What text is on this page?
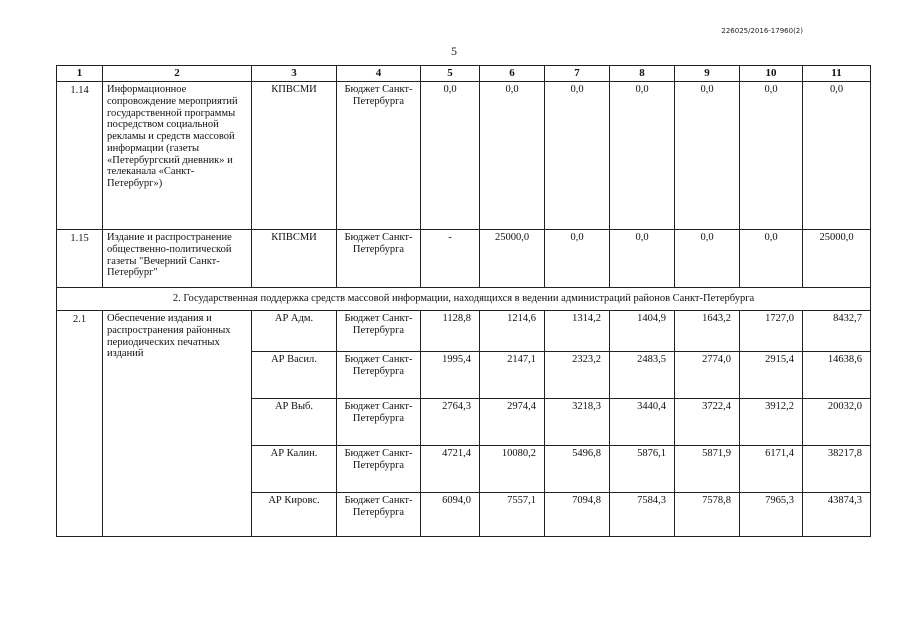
226025/2016-17960(2)
5
1	2	3	4	5	6	7	8	9	10	11
1.14	Информационное сопровождение мероприятий государственной программы посредством социальной рекламы и средств массовой информации (газеты «Петербургский дневник» и телеканала «Санкт-Петербург»)	КПВСМИ	Бюджет Санкт-Петербурга	0,0	0,0	0,0	0,0	0,0	0,0	0,0
1.15	Издание и распространение общественно-политической газеты "Вечерний Санкт-Петербург"	КПВСМИ	Бюджет Санкт-Петербурга	-	25000,0	0,0	0,0	0,0	0,0	25000,0
2. Государственная поддержка средств массовой информации, находящихся в ведении администраций районов Санкт-Петербурга										
2.1	Обеспечение издания и распространения районных периодических печатных изданий	АР Адм.	Бюджет Санкт-Петербурга	1128,8	1214,6	1314,2	1404,9	1643,2	1727,0	8432,7
		АР Васил.	Бюджет Санкт-Петербурга	1995,4	2147,1	2323,2	2483,5	2774,0	2915,4	14638,6
		АР Выб.	Бюджет Санкт-Петербурга	2764,3	2974,4	3218,3	3440,4	3722,4	3912,2	20032,0
		АР Калин.	Бюджет Санкт-Петербурга	4721,4	10080,2	5496,8	5876,1	5871,9	6171,4	38217,8
		АР Кировс.	Бюджет Санкт-Петербурга	6094,0	7557,1	7094,8	7584,3	7578,8	7965,3	43874,3
